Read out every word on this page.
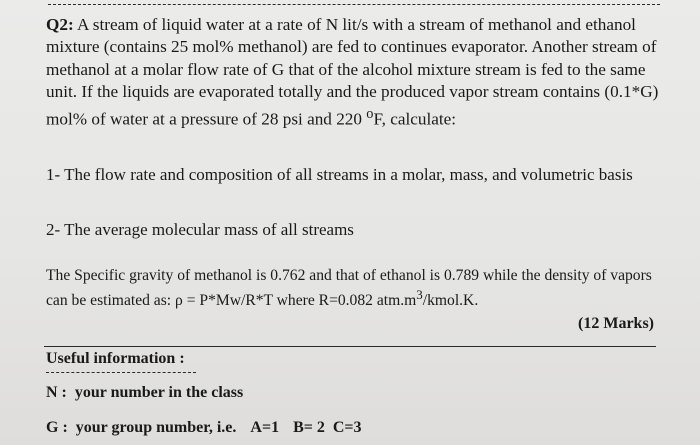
Q2: A stream of liquid water at a rate of N lit/s with a stream of methanol and ethanol mixture (contains 25 mol% methanol) are fed to continues evaporator. Another stream of methanol at a molar flow rate of G that of the alcohol mixture stream is fed to the same unit. If the liquids are evaporated totally and the produced vapor stream contains (0.1*G) mol% of water at a pressure of 28 psi and 220 $^o$F, calculate:

1- The flow rate and composition of all streams in a molar, mass, and volumetric basis

2- The average molecular mass of all streams

The Specific gravity of methanol is 0.762 and that of ethanol is 0.789 while the density of vapors can be estimated as: ρ = P*Mw/R*T where R=0.082 $atm.m^3/kmol.K$.

(12 Marks)

Useful information :

N : your number in the class

G : your group number, i.e. A=1 B= 2 C=3
